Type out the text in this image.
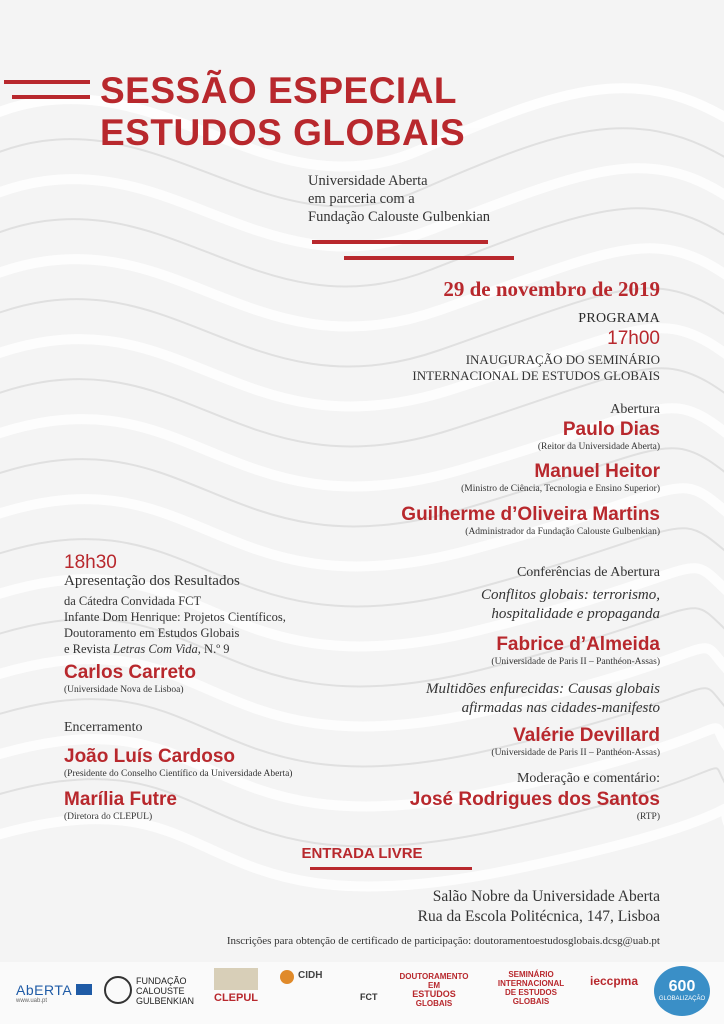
SESSÃO ESPECIAL
ESTUDOS GLOBAIS
Universidade Aberta
em parceria com a
Fundação Calouste Gulbenkian
29 de novembro de 2019
PROGRAMA
17h00
INAUGURAÇÃO DO SEMINÁRIO
INTERNACIONAL DE ESTUDOS GLOBAIS
Abertura
Paulo Dias
(Reitor da Universidade Aberta)
Manuel Heitor
(Ministro de Ciência, Tecnologia e Ensino Superior)
Guilherme d’Oliveira Martins
(Administrador da Fundação Calouste Gulbenkian)
Conferências de Abertura
Conflitos globais: terrorismo,
hospitalidade e propaganda
Fabrice d’Almeida
(Universidade de Paris II – Panthéon-Assas)
Multidões enfurecidas: Causas globais
afirmadas nas cidades-manifesto
Valérie Devillard
(Universidade de Paris II – Panthéon-Assas)
Moderação e comentário:
José Rodrigues dos Santos
(RTP)
18h30
Apresentação dos Resultados
da Cátedra Convidada FCT
Infante Dom Henrique: Projetos Científicos,
Doutoramento em Estudos Globais
e Revista Letras Com Vida, N.º 9
Carlos Carreto
(Universidade Nova de Lisboa)
Encerramento
João Luís Cardoso
(Presidente do Conselho Científico da Universidade Aberta)
Marília Futre
(Diretora do CLEPUL)
ENTRADA LIVRE
Salão Nobre da Universidade Aberta
Rua da Escola Politécnica, 147, Lisboa
Inscrições para obtenção de certificado de participação: doutoramentoestudosglobais.dcsg@uab.pt
AbERTA
www.uab.pt
FUNDAÇÃO
CALOUSTE
GULBENKIAN CLEPUL
CIDH
FCT
DOUTORAMENTO
EM
ESTUDOS
GLOBAIS
SEMINÁRIO
INTERNACIONAL
DE ESTUDOS
GLOBAIS
ieccpma	600
GLOBALIZAÇÃO
